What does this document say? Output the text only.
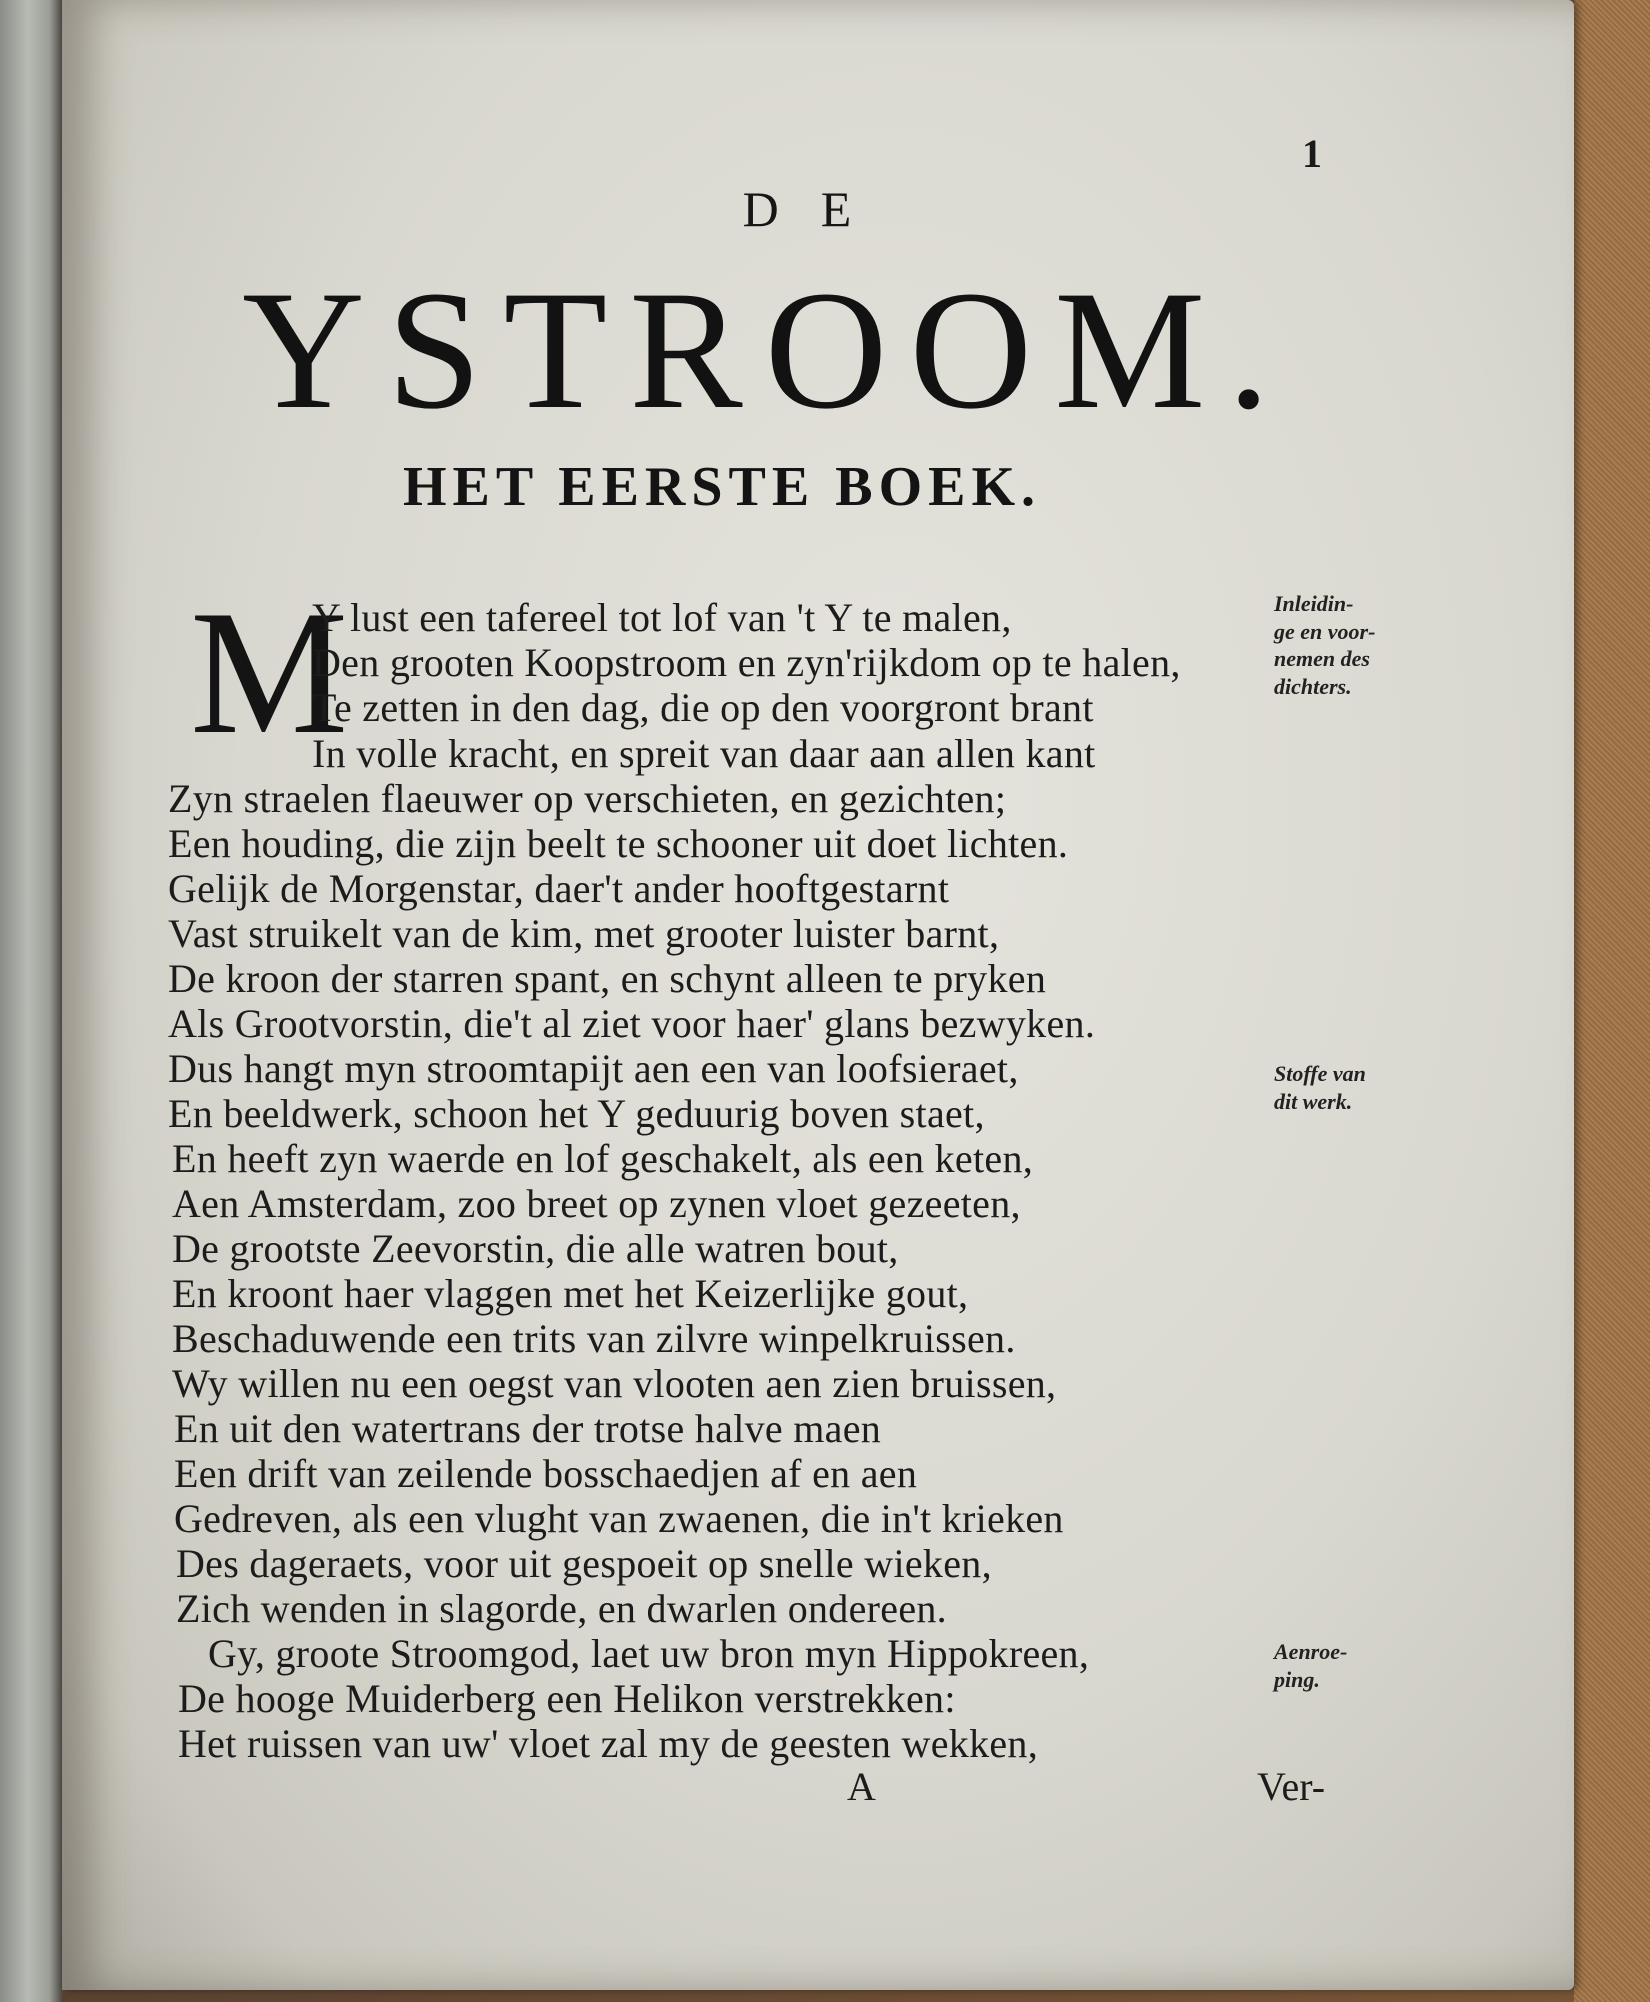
1
DE
YSTROOM.
HET EERSTE BOEK.
M
Y lust een tafereel tot lof van 't Y te malen,
Den grooten Koopstroom en zyn'rijkdom op te halen,
Te zetten in den dag, die op den voorgront brant
In volle kracht, en spreit van daar aan allen kant
Zyn straelen flaeuwer op verschieten, en gezichten;
Een houding, die zijn beelt te schooner uit doet lichten.
Gelijk de Morgenstar, daer't ander hooftgestarnt
Vast struikelt van de kim, met grooter luister barnt,
De kroon der starren spant, en schynt alleen te pryken
Als Grootvorstin, die't al ziet voor haer' glans bezwyken.
Dus hangt myn stroomtapijt aen een van loofsieraet,
En beeldwerk, schoon het Y geduurig boven staet,
En heeft zyn waerde en lof geschakelt, als een keten,
Aen Amsterdam, zoo breet op zynen vloet gezeeten,
De grootste Zeevorstin, die alle watren bout,
En kroont haer vlaggen met het Keizerlijke gout,
Beschaduwende een trits van zilvre winpelkruissen.
Wy willen nu een oegst van vlooten aen zien bruissen,
En uit den watertrans der trotse halve maen
Een drift van zeilende bosschaedjen af en aen
Gedreven, als een vlught van zwaenen, die in't krieken
Des dageraets, voor uit gespoeit op snelle wieken,
Zich wenden in slagorde, en dwarlen ondereen.
Gy, groote Stroomgod, laet uw bron myn Hippokreen,
De hooge Muiderberg een Helikon verstrekken:
Het ruissen van uw' vloet zal my de geesten wekken,
Inleidin-
ge en voor-
nemen des
dichters.
Stoffe van
dit werk.
Aenroe-
ping.
A	Ver-
